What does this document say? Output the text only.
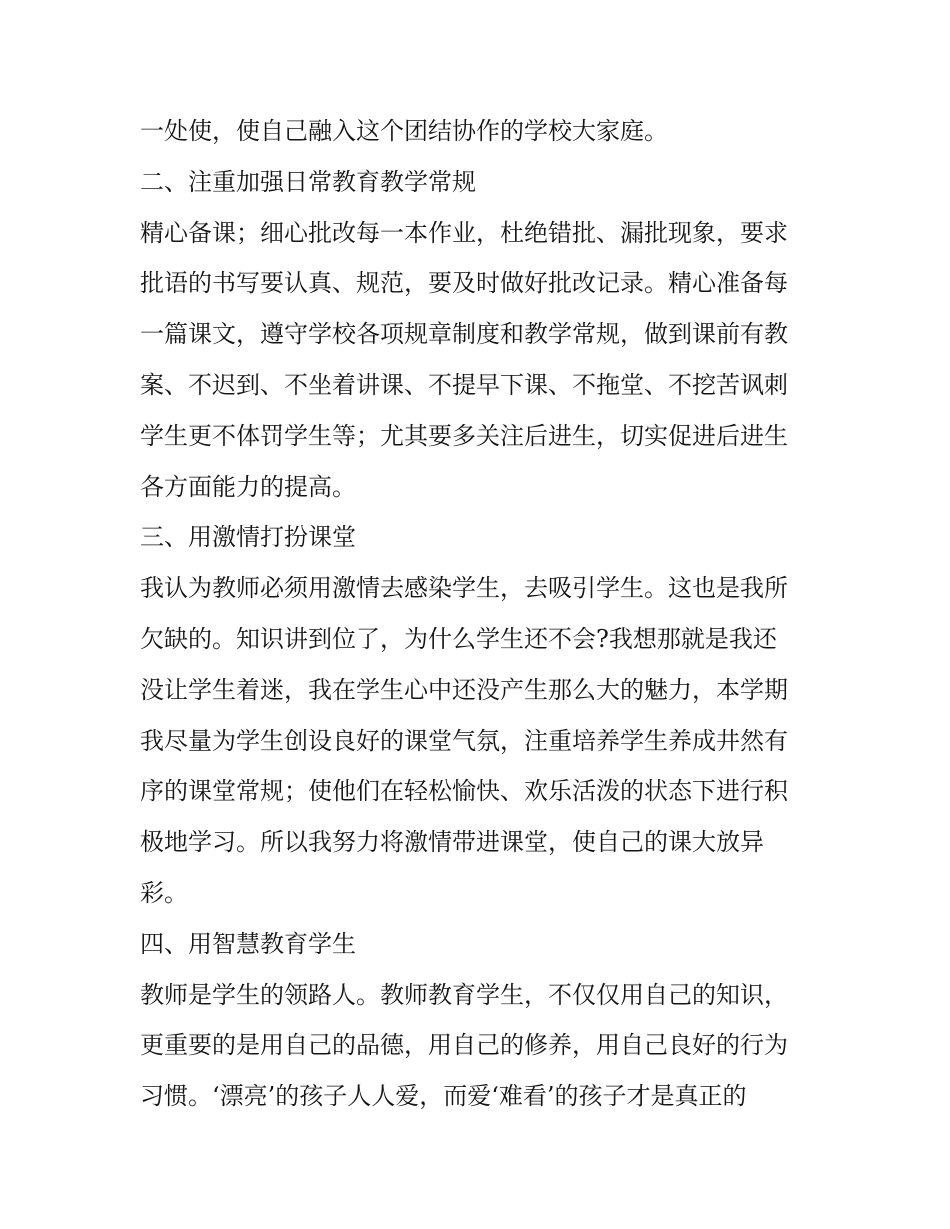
一处使，使自己融入这个团结协作的学校大家庭。
二、注重加强日常教育教学常规
精心备课；细心批改每一本作业，杜绝错批、漏批现象，要求
批语的书写要认真、规范，要及时做好批改记录。精心准备每
一篇课文，遵守学校各项规章制度和教学常规，做到课前有教
案、不迟到、不坐着讲课、不提早下课、不拖堂、不挖苦讽刺
学生更不体罚学生等；尤其要多关注后进生，切实促进后进生
各方面能力的提高。
三、用激情打扮课堂
我认为教师必须用激情去感染学生，去吸引学生。这也是我所
欠缺的。知识讲到位了，为什么学生还不会?我想那就是我还
没让学生着迷，我在学生心中还没产生那么大的魅力，本学期
我尽量为学生创设良好的课堂气氛，注重培养学生养成井然有
序的课堂常规；使他们在轻松愉快、欢乐活泼的状态下进行积
极地学习。所以我努力将激情带进课堂，使自己的课大放异
彩。
四、用智慧教育学生
教师是学生的领路人。教师教育学生，不仅仅用自己的知识，
更重要的是用自己的品德，用自己的修养，用自己良好的行为
习惯。‘漂亮’的孩子人人爱，而爱‘难看’的孩子才是真正的
